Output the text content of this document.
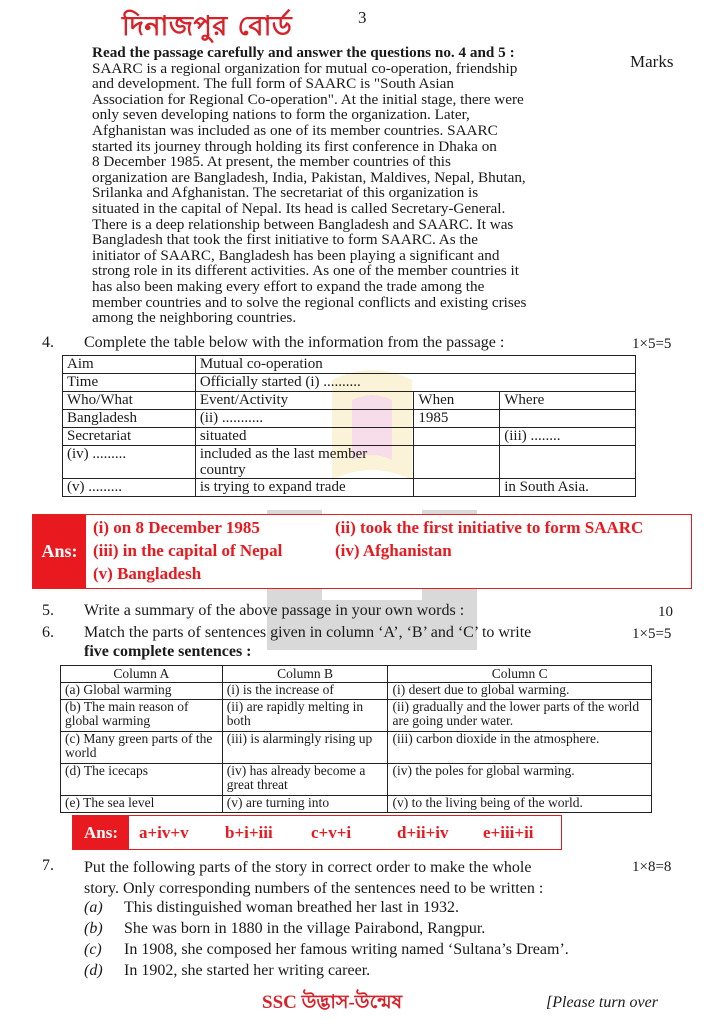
দিনাজপুর বোর্ড	3
Marks

Read the passage carefully and answer the questions no. 4 and 5 :

SAARC is a regional organization for mutual co-operation, friendship

and development. The full form of SAARC is "South Asian

Association for Regional Co-operation". At the initial stage, there were

only seven developing nations to form the organization. Later,

Afghanistan was included as one of its member countries. SAARC

started its journey through holding its first conference in Dhaka on

8 December 1985. At present, the member countries of this

organization are Bangladesh, India, Pakistan, Maldives, Nepal, Bhutan,

Srilanka and Afghanistan. The secretariat of this organization is

situated in the capital of Nepal. Its head is called Secretary-General.

There is a deep relationship between Bangladesh and SAARC. It was

Bangladesh that took the first initiative to form SAARC. As the

initiator of SAARC, Bangladesh has been playing a significant and

strong role in its different activities. As one of the member countries it

has also been making every effort to expand the trade among the

member countries and to solve the regional conflicts and existing crises

among the neighboring countries.

4. Complete the table below with the information from the passage :	1×5=5
Aim	Mutual co-operation		
Time	Officially started (i) ..........		
Who/What	Event/Activity	When	Where
Bangladesh	(ii) ...........	1985	
Secretariat	situated		(iii) ........
(iv) .........	included as the last member country		
(v) .........	is trying to expand trade		in South Asia.
Ans:
(i) on 8 December 1985	(ii) took the first initiative to form SAARC
(iii) in the capital of Nepal	(iv) Afghanistan
(v) Bangladesh
5. Write a summary of the above passage in your own words :	10
6. Match the parts of sentences given in column ‘A’, ‘B’ and ‘C’ to write
five complete sentences :
1×5=5
Column A	Column B	Column C
(a) Global warming	(i) is the increase of	(i) desert due to global warming.
(b) The main reason of global warming	(ii) are rapidly melting in both	(ii) gradually and the lower parts of the world are going under water.
(c) Many green parts of the world	(iii) is alarmingly rising up	(iii) carbon dioxide in the atmosphere.
(d) The icecaps	(iv) has already become a great threat	(iv) the poles for global warming.
(e) The sea level	(v) are turning into	(v) to the living being of the world.
Ans:	a+iv+v b+i+iii c+v+i	d+ii+iv e+iii+ii
7. Put the following parts of the story in correct order to make the whole
story. Only corresponding numbers of the sentences need to be written :
1×8=8
(a) This distinguished woman breathed her last in 1932.
(b) She was born in 1880 in the village Pairabond, Rangpur.
(c) In 1908, she composed her famous writing named ‘Sultana’s Dream’.
(d) In 1902, she started her writing career.
SSC উদ্ভাস-উন্মেষ	[Please turn over
